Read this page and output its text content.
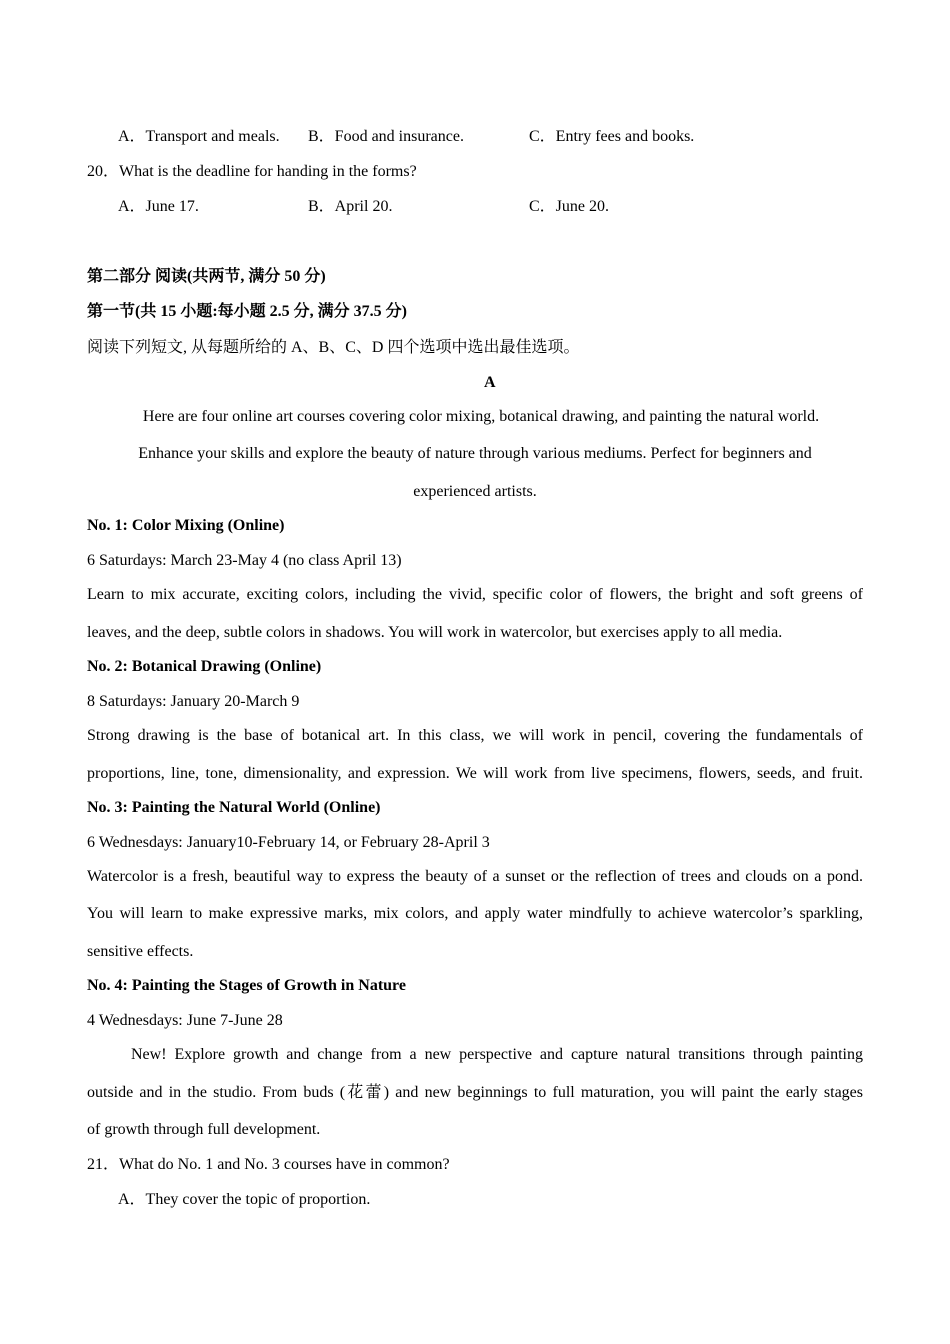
A．Transport and meals. B．Food and insurance.	C．Entry fees and books.
20．What is the deadline for handing in the forms?
A．June 17.	B．April 20.	C．June 20.
第二部分 阅读(共两节, 满分 50 分)
第一节(共 15 小题:每小题 2.5 分, 满分 37.5 分)
阅读下列短文, 从每题所给的 A、B、C、D 四个选项中选出最佳选项。
A
Here are four online art courses covering color mixing, botanical drawing, and painting the natural world.
Enhance your skills and explore the beauty of nature through various mediums. Perfect for beginners and
experienced artists.
No. 1: Color Mixing (Online)
6 Saturdays: March 23-May 4 (no class April 13)
Learn to mix accurate, exciting colors, including the vivid, specific color of flowers, the bright and soft greens of
leaves, and the deep, subtle colors in shadows. You will work in watercolor, but exercises apply to all media.
No. 2: Botanical Drawing (Online)
8 Saturdays: January 20-March 9
Strong drawing is the base of botanical art. In this class, we will work in pencil, covering the fundamentals of
proportions, line, tone, dimensionality, and expression. We will work from live specimens, flowers, seeds, and fruit.
No. 3: Painting the Natural World (Online)
6 Wednesdays: January10-February 14, or February 28-April 3
Watercolor is a fresh, beautiful way to express the beauty of a sunset or the reflection of trees and clouds on a pond.
You will learn to make expressive marks, mix colors, and apply water mindfully to achieve watercolor’s sparkling,
sensitive effects.
No. 4: Painting the Stages of Growth in Nature
4 Wednesdays: June 7-June 28
New! Explore growth and change from a new perspective and capture natural transitions through painting
outside and in the studio. From buds (花蕾) and new beginnings to full maturation, you will paint the early stages
of growth through full development.
21．What do No. 1 and No. 3 courses have in common?
A．They cover the topic of proportion.
